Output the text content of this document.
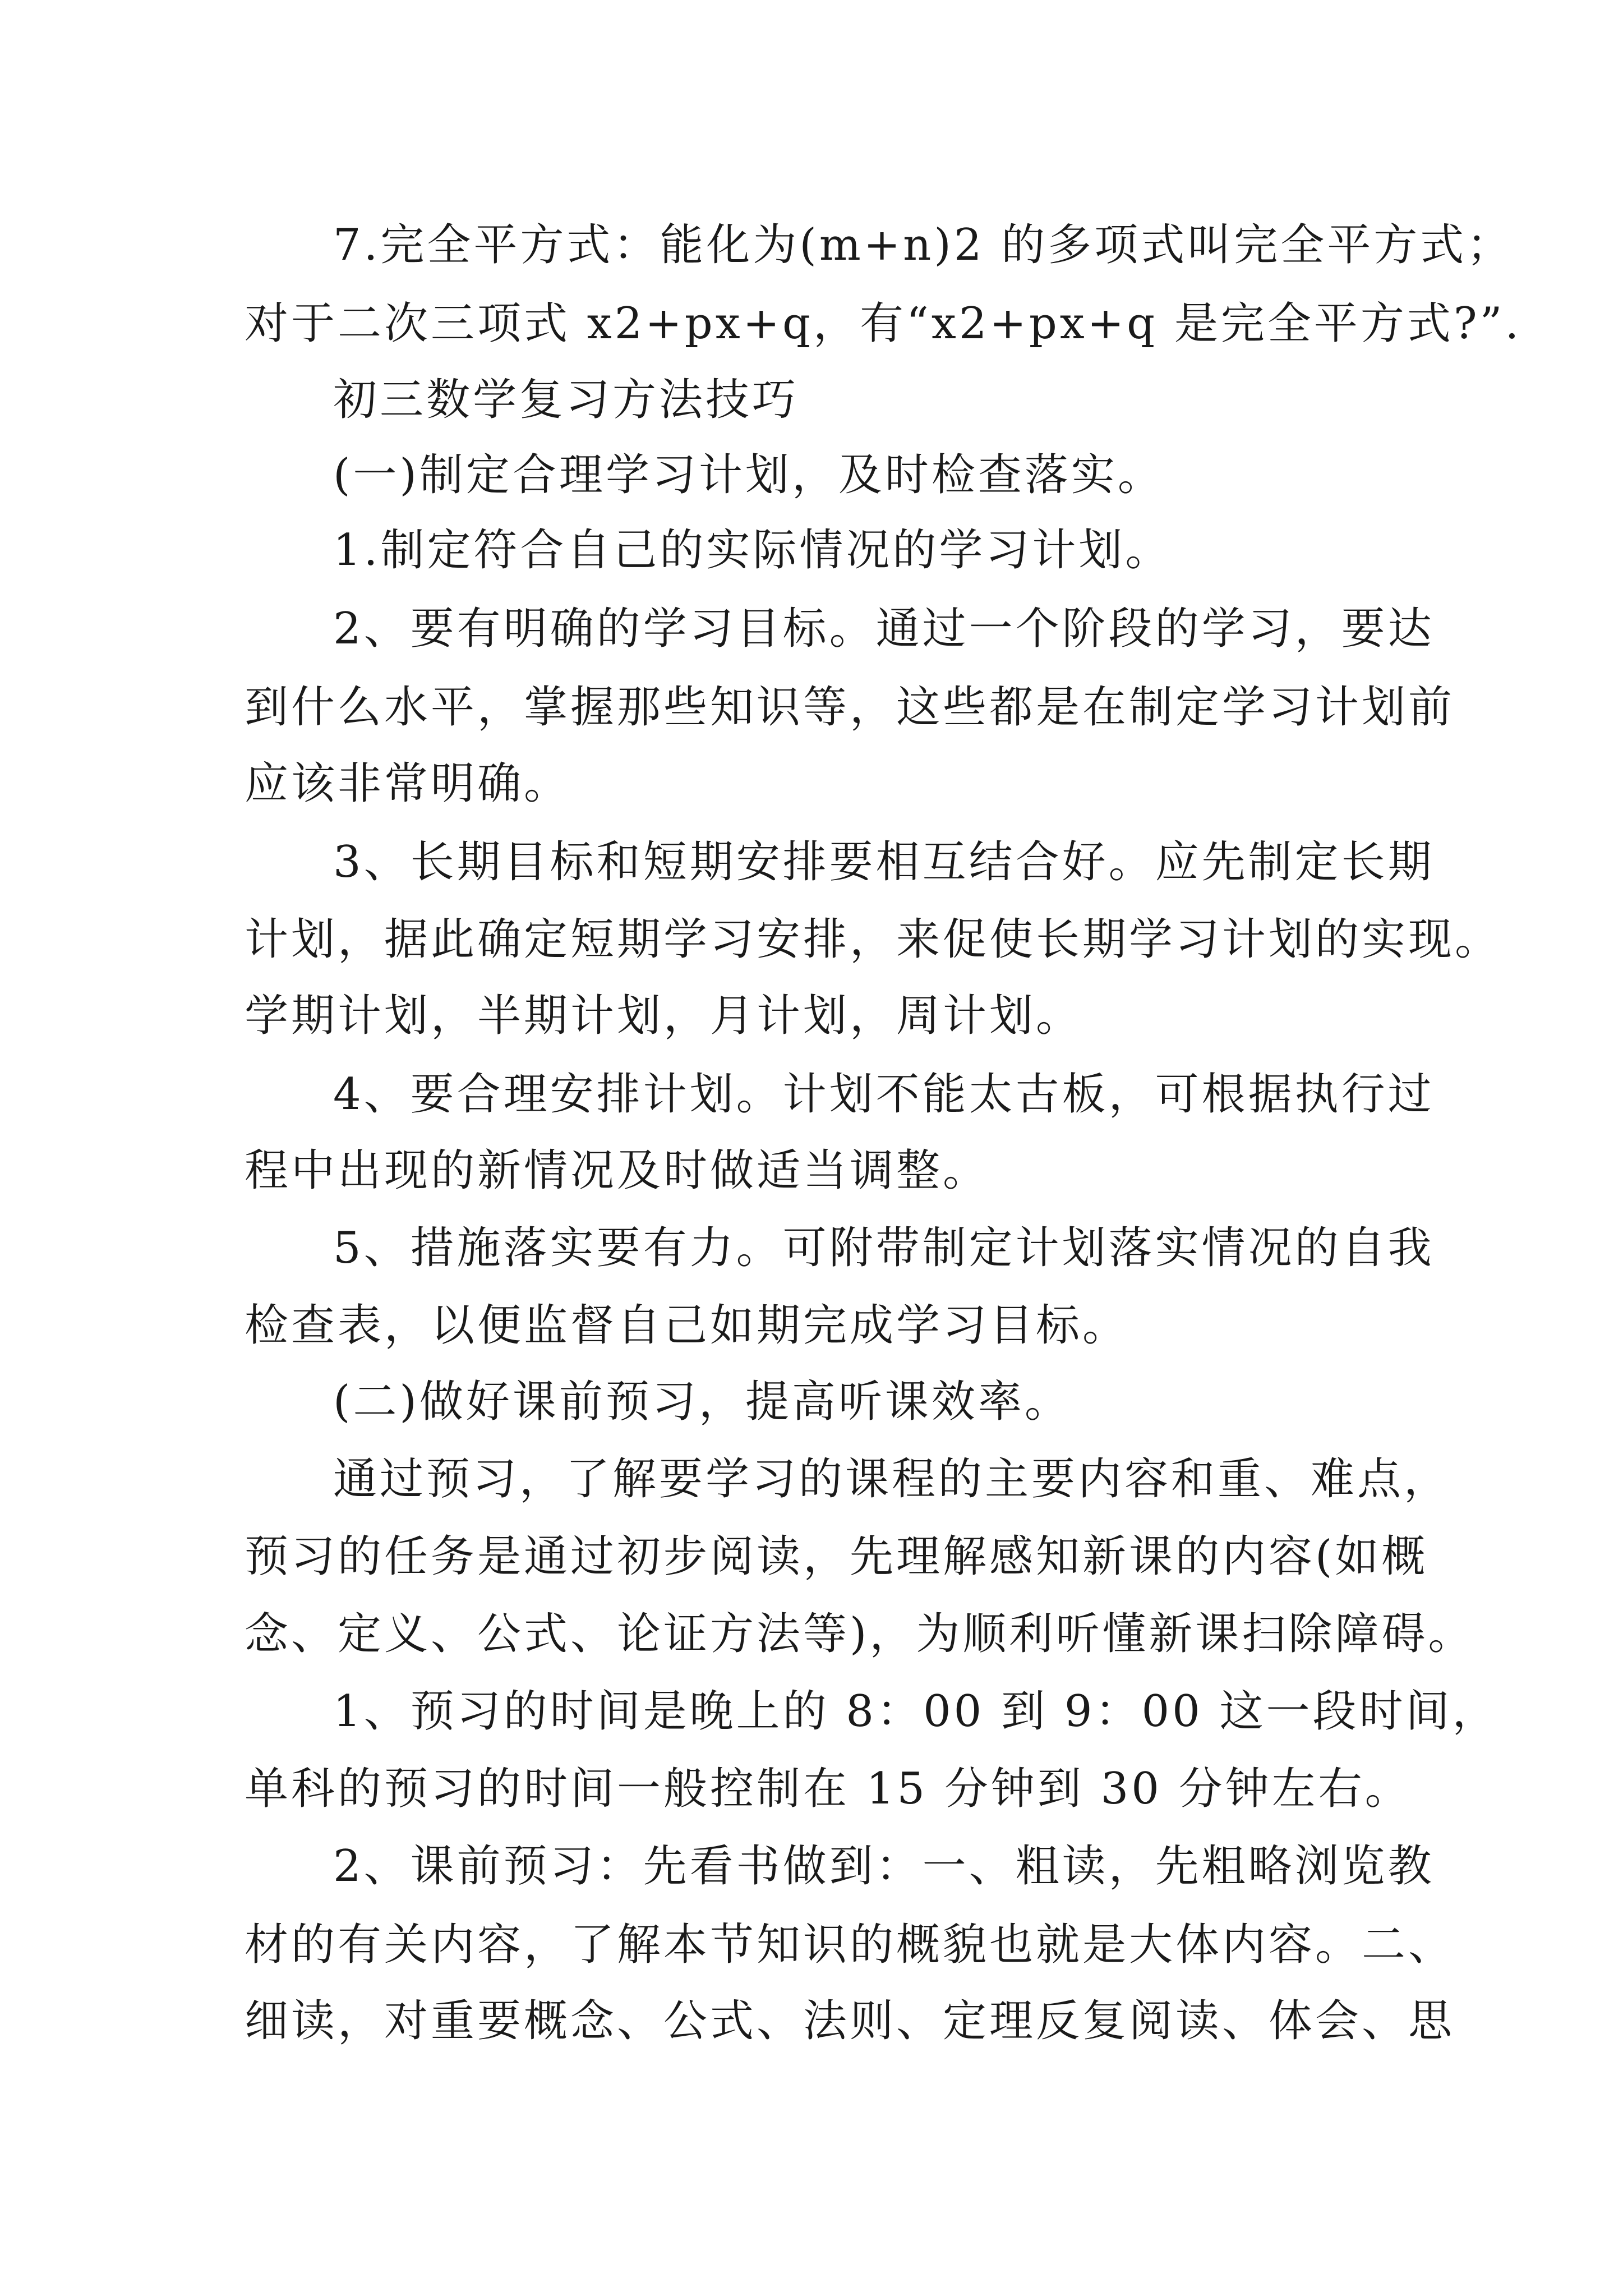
7.完全平方式：能化为(m+n)2 的多项式叫完全平方式；
对于二次三项式 x2+px+q，有“x2+px+q 是完全平方式?”.
初三数学复习方法技巧
(一)制定合理学习计划，及时检查落实。
1.制定符合自己的实际情况的学习计划。
2、要有明确的学习目标。通过一个阶段的学习，要达
到什么水平，掌握那些知识等，这些都是在制定学习计划前
应该非常明确。
3、长期目标和短期安排要相互结合好。应先制定长期
计划，据此确定短期学习安排，来促使长期学习计划的实现。
学期计划，半期计划，月计划，周计划。
4、要合理安排计划。计划不能太古板，可根据执行过
程中出现的新情况及时做适当调整。
5、措施落实要有力。可附带制定计划落实情况的自我
检查表，以便监督自己如期完成学习目标。
(二)做好课前预习，提高听课效率。
通过预习，了解要学习的课程的主要内容和重、难点，
预习的任务是通过初步阅读，先理解感知新课的内容(如概
念、定义、公式、论证方法等)，为顺利听懂新课扫除障碍。
1、预习的时间是晚上的 8：00 到 9：00 这一段时间，
单科的预习的时间一般控制在 15 分钟到 30 分钟左右。
2、课前预习：先看书做到：一、粗读，先粗略浏览教
材的有关内容，了解本节知识的概貌也就是大体内容。二、
细读，对重要概念、公式、法则、定理反复阅读、体会、思
